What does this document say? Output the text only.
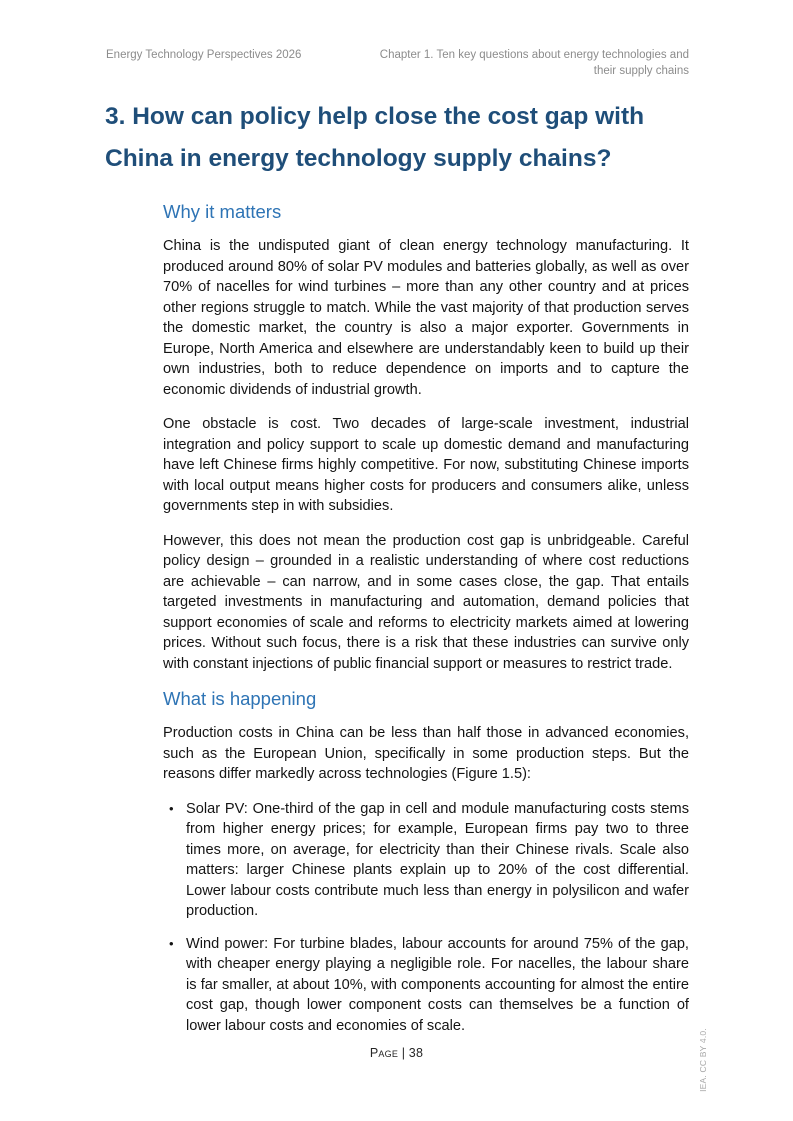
Energy Technology Perspectives 2026	Chapter 1. Ten key questions about energy technologies and their supply chains
3. How can policy help close the cost gap with China in energy technology supply chains?
Why it matters

China is the undisputed giant of clean energy technology manufacturing. It produced around 80% of solar PV modules and batteries globally, as well as over 70% of nacelles for wind turbines – more than any other country and at prices other regions struggle to match. While the vast majority of that production serves the domestic market, the country is also a major exporter. Governments in Europe, North America and elsewhere are understandably keen to build up their own industries, both to reduce dependence on imports and to capture the economic dividends of industrial growth.

One obstacle is cost. Two decades of large-scale investment, industrial integration and policy support to scale up domestic demand and manufacturing have left Chinese firms highly competitive. For now, substituting Chinese imports with local output means higher costs for producers and consumers alike, unless governments step in with subsidies.

However, this does not mean the production cost gap is unbridgeable. Careful policy design – grounded in a realistic understanding of where cost reductions are achievable – can narrow, and in some cases close, the gap. That entails targeted investments in manufacturing and automation, demand policies that support economies of scale and reforms to electricity markets aimed at lowering prices. Without such focus, there is a risk that these industries can survive only with constant injections of public financial support or measures to restrict trade.

What is happening

Production costs in China can be less than half those in advanced economies, such as the European Union, specifically in some production steps. But the reasons differ markedly across technologies (Figure 1.5):

• Solar PV: One-third of the gap in cell and module manufacturing costs stems from higher energy prices; for example, European firms pay two to three times more, on average, for electricity than their Chinese rivals. Scale also matters: larger Chinese plants explain up to 20% of the cost differential. Lower labour costs contribute much less than energy in polysilicon and wafer production.
• Wind power: For turbine blades, labour accounts for around 75% of the gap, with cheaper energy playing a negligible role. For nacelles, the labour share is far smaller, at about 10%, with components accounting for almost the entire cost gap, though lower component costs can themselves be a function of lower labour costs and economies of scale.
Page | 38	IEA. CC BY 4.0.
